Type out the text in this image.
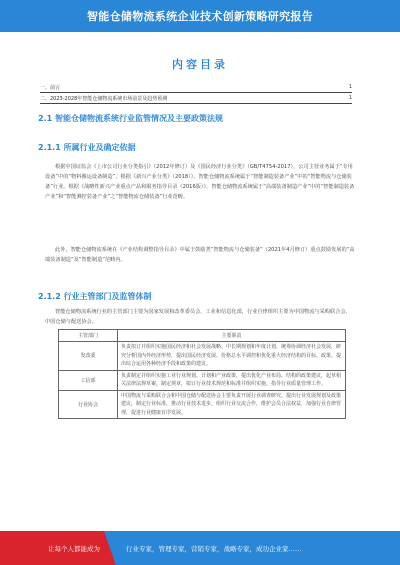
智能仓储物流系统企业技术创新策略研究报告
内容目录
一、前言	1
二、2023-2028年智能仓储物流系统市场前景及趋势预测	1
2.1 智能仓储物流系统行业监管情况及主要政策法规
2.1.1 所属行业及确定依据
根据中国证监会《上市公司行业分类指引》（2012年修订）及《国民经济行业分类》（GB/T4754-2017），公司主营业务属于“专用设备”中的“物料搬运设备制造”，根据《新兴产业分类》（2018）》，智能仓储物流系统属于“智能制造装备产业”中的“智能物流与仓储装备”行业。根据《战略性新兴产业重点产品和服务指导目录（2016版）》，智能仓储物流系统属于“高端装备制造产业”中的“智能制造装备产业”和“智能测控装备产业”之“智能物流仓储装备”行业范畴。
此外，智能仓储物流系统在《产业结构调整指导目录》中属于鼓励类“智能物流与仓储装备”（2021年4月修订）重点鼓励发展的“高端装备制造”及“智能制造”范畴内。
2.1.2 行业主管部门及监管体制
智能仓储物流系统行业的主管部门主要为国家发展和改革委员会、工业和信息化部，行业自律组织主要为中国物流与采购联合会、中国仓储与配送协会。
主管部门	主要职责
发改委	负责拟订并组织实施国民经济和社会发展战略、中长期规划和年度计划，统筹协调经济社会发展，研究分析国内外经济形势，提出国民经济发展、价格总水平调控和优化重大经济结构的目标、政策，提出综合运用各种经济手段和政策的建议。
工信部	负责制定并组织实施工业行业规划、计划和产业政策，提出优化产业布局、结构的政策建议，起草相关法律法规草案，制定规章，拟订行业技术规范和标准并组织实施，指导行业质量管理工作。
行业协会	中国物流与采购联合会和中国仓储与配送协会主要负责开展行业调查研究，提出行业发展规划及政策建议，制定行业标准，推动行业技术进步，组织行业交流合作，维护会员合法权益，加强行业自律管理，促进行业健康有序发展。
让每个人都能成为	行业专家，管理专家，营销专家，战略专家，成功企业家……
